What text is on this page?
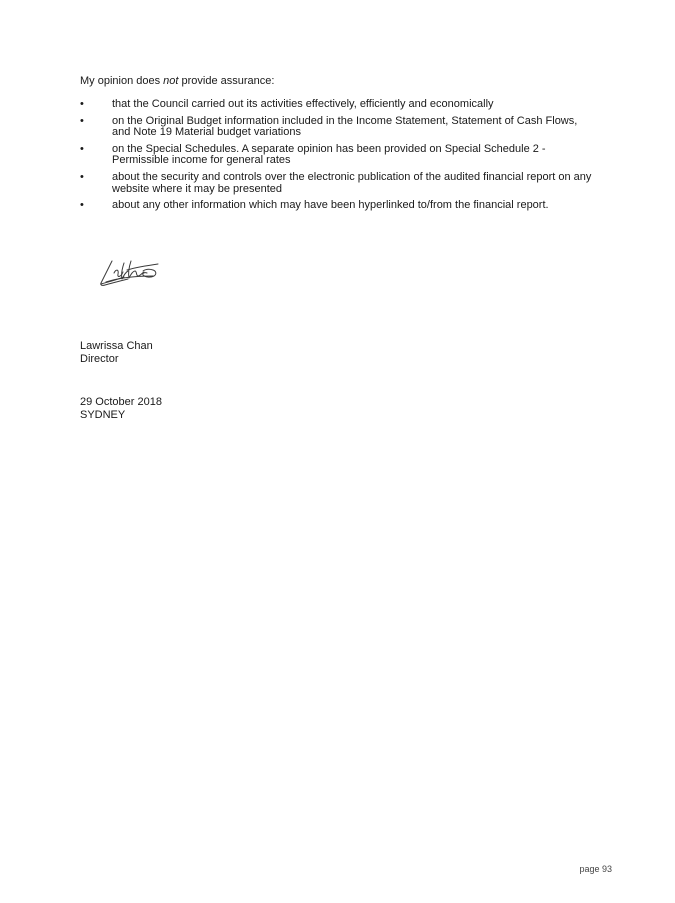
My opinion does not provide assurance:

•	that the Council carried out its activities effectively, efficiently and economically
•	on the Original Budget information included in the Income Statement, Statement of Cash Flows, and Note 19 Material budget variations
•	on the Special Schedules. A separate opinion has been provided on Special Schedule 2 - Permissible income for general rates
•	about the security and controls over the electronic publication of the audited financial report on any website where it may be presented
•	about any other information which may have been hyperlinked to/from the financial report.

Lawrissa Chan
Director

29 October 2018
SYDNEY

page 93
